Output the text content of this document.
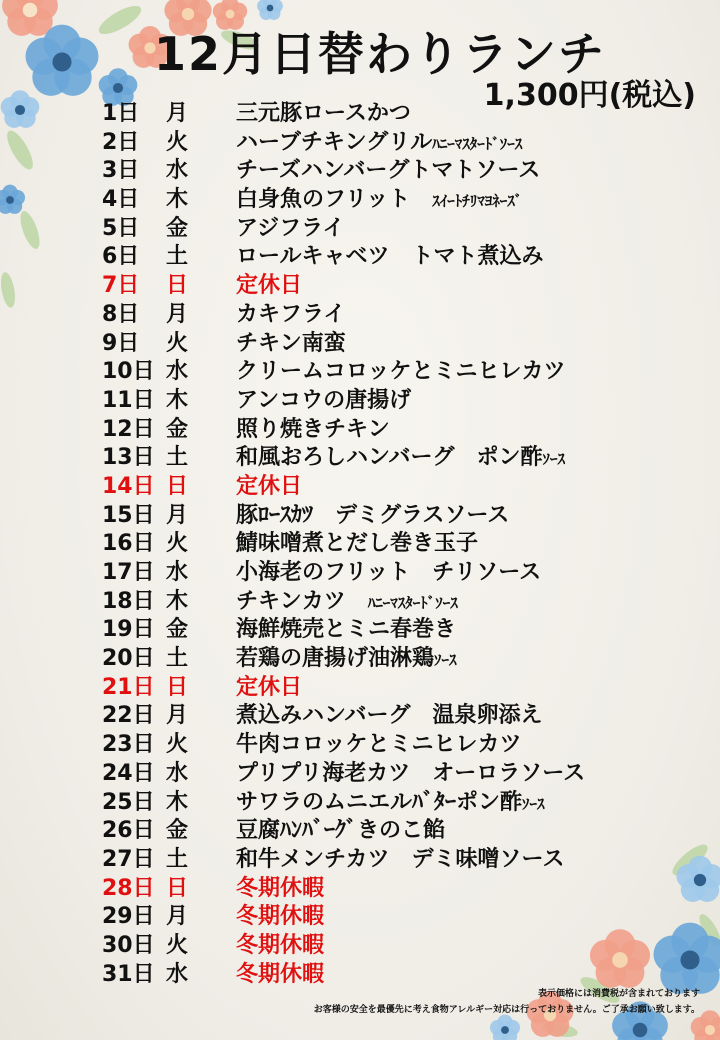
12月日替わりランチ
1,300円(税込)
1日	月	三元豚ロースかつ
2日	火	ハーブチキングリルﾊﾆｰﾏｽﾀｰﾄﾞｿｰｽ
3日	水	チーズハンバーグトマトソース
4日	木	白身魚のフリット　ｽｲｰﾄﾁﾘﾏﾖﾈｰｽﾞ
5日	金	アジフライ
6日	土	ロールキャベツ　トマト煮込み
7日	日	定休日
8日	月	カキフライ
9日	火	チキン南蛮
10日 水	クリームコロッケとミニヒレカツ
11日 木	アンコウの唐揚げ
12日 金	照り焼きチキン
13日 土	和風おろしハンバーグ　ポン酢ｿｰｽ
14日 日	定休日
15日 月	豚ﾛｰｽｶﾂ　デミグラスソース
16日 火	鯖味噌煮とだし巻き玉子
17日 水	小海老のフリット　チリソース
18日 木	チキンカツ　ﾊﾆｰﾏｽﾀｰﾄﾞｿｰｽ
19日 金	海鮮焼売とミニ春巻き
20日 土	若鶏の唐揚げ油淋鶏ｿｰｽ
21日 日	定休日
22日 月	煮込みハンバーグ　温泉卵添え
23日 火	牛肉コロッケとミニヒレカツ
24日 水	プリプリ海老カツ　オーロラソース
25日 木	サワラのムニエルﾊﾞﾀｰポン酢ｿｰｽ
26日 金	豆腐ﾊﾝﾊﾞｰｸﾞきのこ餡
27日 土	和牛メンチカツ　デミ味噌ソース
28日 日	冬期休暇
29日 月	冬期休暇
30日 火	冬期休暇
31日 水	冬期休暇
表示価格には消費税が含まれております
お客様の安全を最優先に考え食物アレルギー対応は行っておりません。ご了承お願い致します。
